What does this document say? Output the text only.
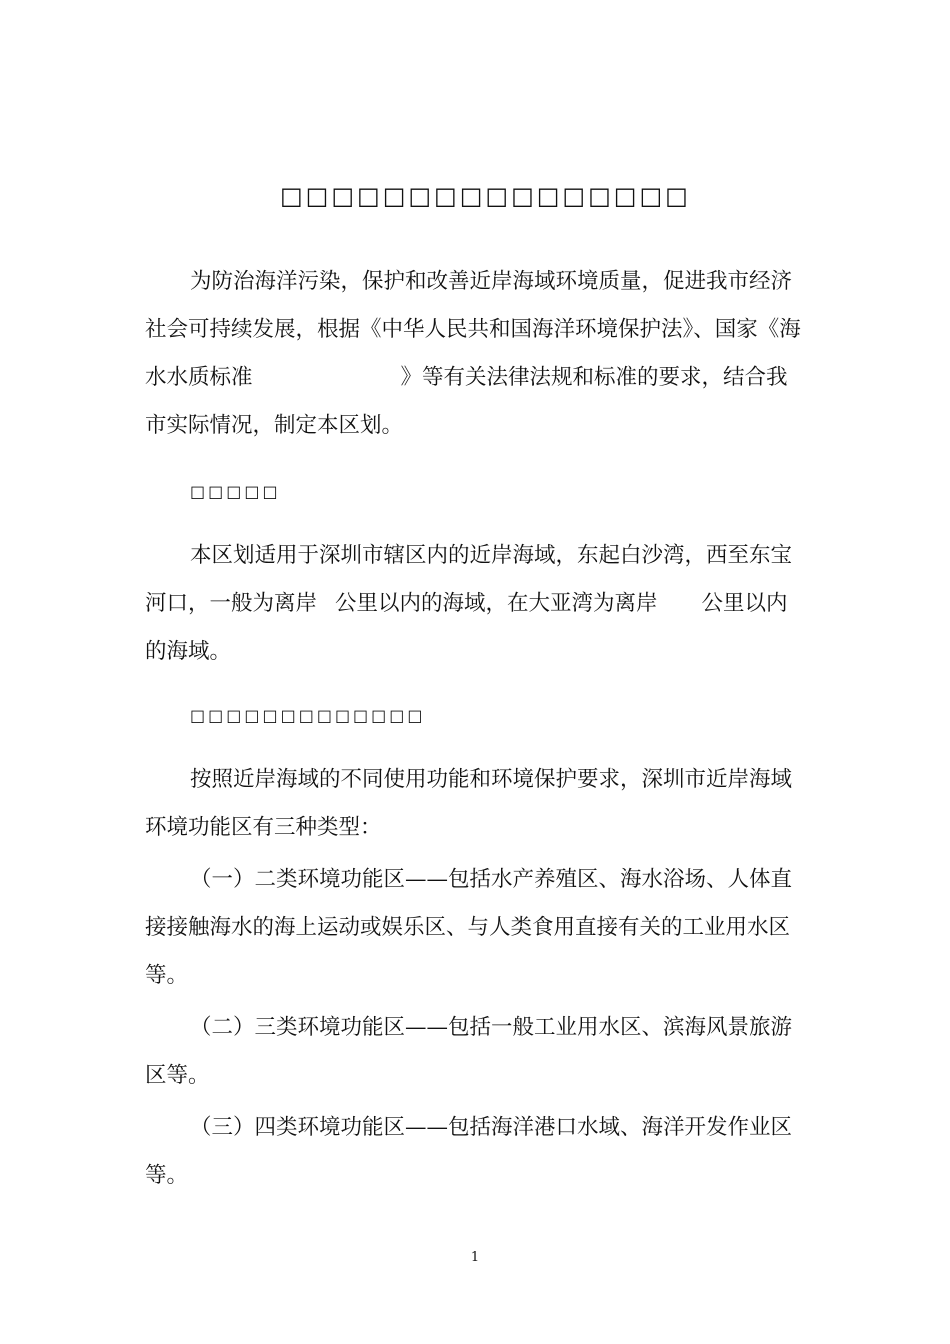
□□□□□□□□□□□□□□□□
为防治海洋污染，保护和改善近岸海域环境质量，促进我市经济
社会可持续发展，根据《中华人民共和国海洋环境保护法》、国家《海
水水质标准	》等有关法律法规和标准的要求，结合我
市实际情况，制定本区划。
□□□□□
本区划适用于深圳市辖区内的近岸海域，东起白沙湾，西至东宝
河口，一般为离岸 公里以内的海域，在大亚湾为离岸 公里以内
的海域。
□□□□□□□□□□□□□
按照近岸海域的不同使用功能和环境保护要求，深圳市近岸海域
环境功能区有三种类型：
（一）二类环境功能区——包括水产养殖区、海水浴场、人体直
接接触海水的海上运动或娱乐区、与人类食用直接有关的工业用水区
等。
（二）三类环境功能区——包括一般工业用水区、滨海风景旅游
区等。
（三）四类环境功能区——包括海洋港口水域、海洋开发作业区
等。
1
